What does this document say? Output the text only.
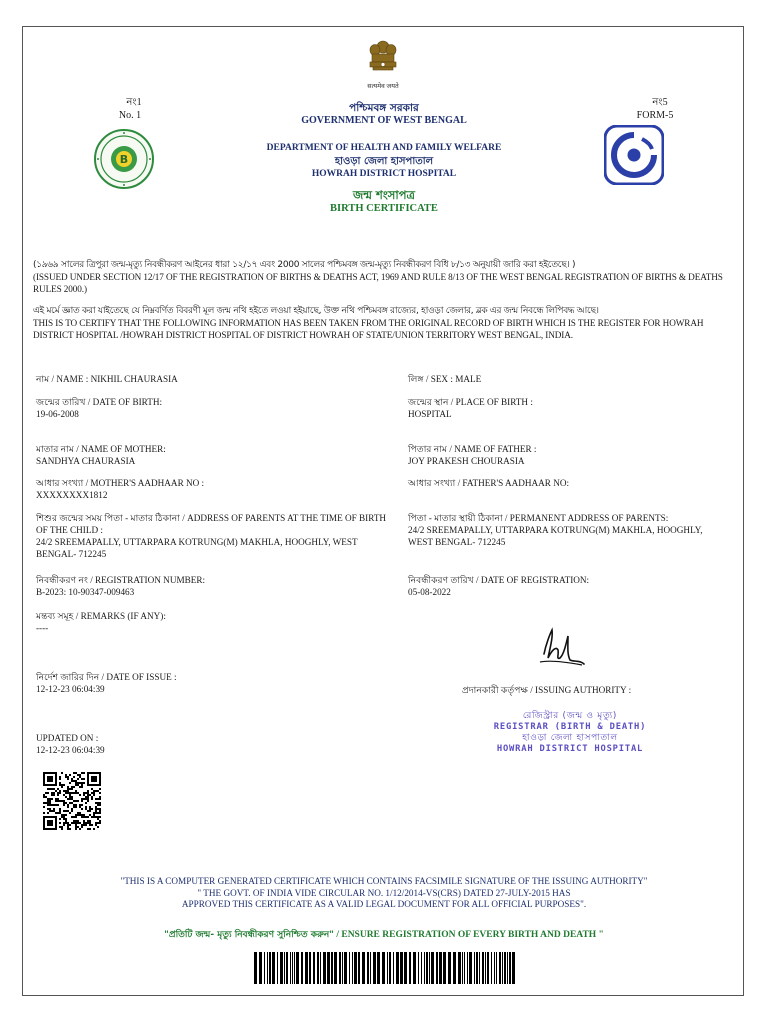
सत्यमेव जयते
নং1
No. 1
নং5
FORM-5
B
পশ্চিমবঙ্গ সরকার
GOVERNMENT OF WEST BENGAL
DEPARTMENT OF HEALTH AND FAMILY WELFARE
হাওড়া জেলা হাসপাতাল
HOWRAH DISTRICT HOSPITAL
জন্ম শংসাপত্র
BIRTH CERTIFICATE
(১৯৬৯ সালের ত্রিপুরা জন্ম-মৃত্যু নিবন্ধীকরণ আইনের ধারা ১২/১৭ এবং 2000 সালের পশ্চিমবঙ্গ জন্ম-মৃত্যু নিবন্ধীকরণ বিধি ৮/১৩ অনুযায়ী জারি করা হইতেছে। )
(ISSUED UNDER SECTION 12/17 OF THE REGISTRATION OF BIRTHS & DEATHS ACT, 1969 AND RULE 8/13 OF THE WEST BENGAL REGISTRATION OF BIRTHS & DEATHS RULES 2000.)
এই মর্মে জ্ঞাত করা যাইতেছে যে নিম্নবর্ণিত বিবরণী মূল জন্ম নথি হইতে লওয়া হইয়াছে, উক্ত নথি পশ্চিমবঙ্গ রাজ্যের, হাওড়া জেলার, ব্লক এর জন্ম নিবন্ধে লিপিবদ্ধ আছে।
THIS IS TO CERTIFY THAT THE FOLLOWING INFORMATION HAS BEEN TAKEN FROM THE ORIGINAL RECORD OF BIRTH WHICH IS THE REGISTER FOR HOWRAH DISTRICT HOSPITAL /HOWRAH DISTRICT HOSPITAL OF DISTRICT HOWRAH OF STATE/UNION TERRITORY WEST BENGAL, INDIA.
নাম / NAME : NIKHIL CHAURASIA	লিঙ্গ / SEX : MALE
জন্মের তারিখ / DATE OF BIRTH:
19-06-2008
জন্মের স্থান / PLACE OF BIRTH :
HOSPITAL
মাতার নাম / NAME OF MOTHER:
SANDHYA CHAURASIA
পিতার নাম / NAME OF FATHER :
JOY PRAKESH CHOURASIA
আধার সংখ্যা / MOTHER'S AADHAAR NO :
XXXXXXXX1812
আধার সংখ্যা / FATHER'S AADHAAR NO:
শিশুর জন্মের সময় পিতা - মাতার ঠিকানা / ADDRESS OF PARENTS AT THE TIME OF BIRTH OF THE CHILD :
24/2 SREEMAPALLY, UTTARPARA KOTRUNG(M) MAKHLA, HOOGHLY, WEST BENGAL- 712245
পিতা - মাতার স্থায়ী ঠিকানা / PERMANENT ADDRESS OF PARENTS:
24/2 SREEMAPALLY, UTTARPARA KOTRUNG(M) MAKHLA, HOOGHLY, WEST BENGAL- 712245
নিবন্ধীকরণ নং / REGISTRATION NUMBER:
B-2023: 10-90347-009463
নিবন্ধীকরণ তারিখ / DATE OF REGISTRATION:
05-08-2022
মন্তব্য সমূহ / REMARKS (IF ANY):
----
নির্দেশ জারির দিন / DATE OF ISSUE :
12-12-23 06:04:39	প্রদানকারী কর্তৃপক্ষ / ISSUING AUTHORITY :
রেজিস্ট্রার (জন্ম ও মৃত্যু)
REGISTRAR (BIRTH & DEATH)
হাওড়া জেলা হাসপাতাল
HOWRAH DISTRICT HOSPITAL
UPDATED ON :
12-12-23 06:04:39
"THIS IS A COMPUTER GENERATED CERTIFICATE WHICH CONTAINS FACSIMILE SIGNATURE OF THE ISSUING AUTHORITY"
" THE GOVT. OF INDIA VIDE CIRCULAR NO. 1/12/2014-VS(CRS) DATED 27-JULY-2015 HAS
APPROVED THIS CERTIFICATE AS A VALID LEGAL DOCUMENT FOR ALL OFFICIAL PURPOSES".
"প্রতিটি জন্ম- মৃত্যু নিবন্ধীকরণ সুনিশ্চিত করুন" / ENSURE REGISTRATION OF EVERY BIRTH AND DEATH "
